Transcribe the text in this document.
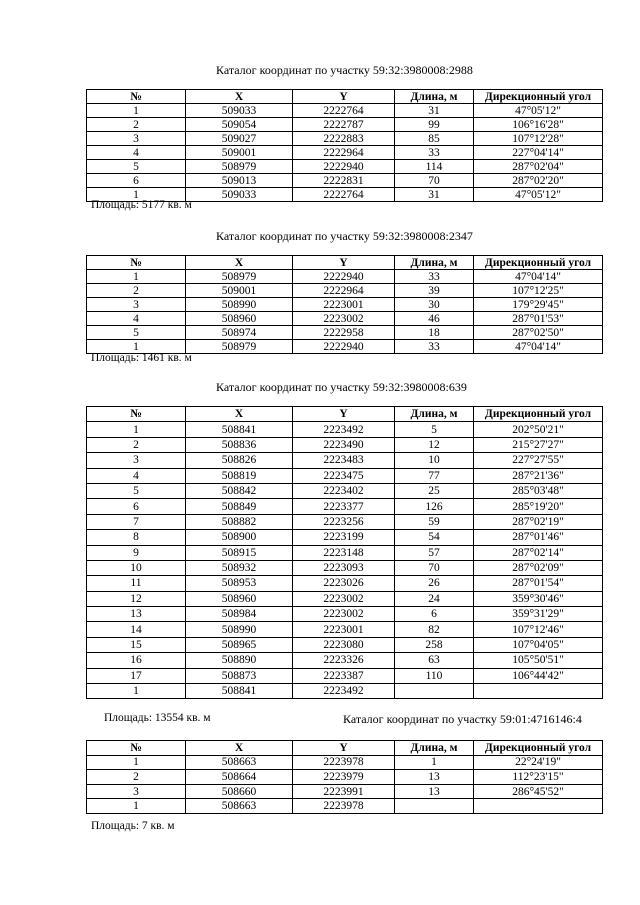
Каталог координат по участку 59:32:3980008:2988
№	X	Y	Длина, м	Дирекционный угол
1	509033	2222764	31	47°05'12"
2	509054	2222787	99	106°16'28"
3	509027	2222883	85	107°12'28"
4	509001	2222964	33	227°04'14"
5	508979	2222940	114	287°02'04"
6	509013	2222831	70	287°02'20"
1	509033	2222764	31	47°05'12"
Площадь: 5177 кв. м
Каталог координат по участку 59:32:3980008:2347
№	X	Y	Длина, м	Дирекционный угол
1	508979	2222940	33	47°04'14"
2	509001	2222964	39	107°12'25"
3	508990	2223001	30	179°29'45"
4	508960	2223002	46	287°01'53"
5	508974	2222958	18	287°02'50"
1	508979	2222940	33	47°04'14"
Площадь: 1461 кв. м
Каталог координат по участку 59:32:3980008:639
№	X	Y	Длина, м	Дирекционный угол
1	508841	2223492	5	202°50'21"
2	508836	2223490	12	215°27'27"
3	508826	2223483	10	227°27'55"
4	508819	2223475	77	287°21'36"
5	508842	2223402	25	285°03'48"
6	508849	2223377	126	285°19'20"
7	508882	2223256	59	287°02'19"
8	508900	2223199	54	287°01'46"
9	508915	2223148	57	287°02'14"
10	508932	2223093	70	287°02'09"
11	508953	2223026	26	287°01'54"
12	508960	2223002	24	359°30'46"
13	508984	2223002	6	359°31'29"
14	508990	2223001	82	107°12'46"
15	508965	2223080	258	107°04'05"
16	508890	2223326	63	105°50'51"
17	508873	2223387	110	106°44'42"
1	508841	2223492		
Площадь: 13554 кв. м	Каталог координат по участку 59:01:4716146:4
№	X	Y	Длина, м	Дирекционный угол
1	508663	2223978	1	22°24'19"
2	508664	2223979	13	112°23'15"
3	508660	2223991	13	286°45'52"
1	508663	2223978		
Площадь: 7 кв. м
